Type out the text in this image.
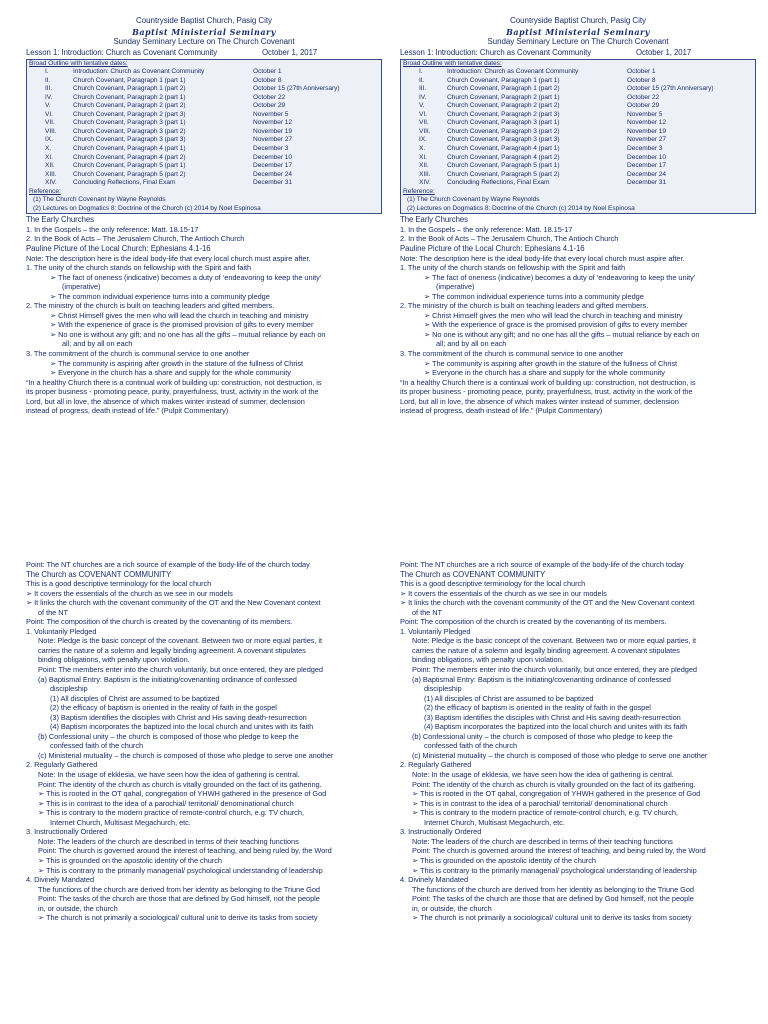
Countryside Baptist Church, Pasig City
Baptist Ministerial Seminary
Sunday Seminary Lecture on The Church Covenant
Lesson 1: Introduction: Church as Covenant Community	October 1, 2017
Broad Outline with tentative dates:
I.	Introduction: Church as Covenant Community	October 1
II.	Church Covenant, Paragraph 1 (part 1)	October 8
III.	Church Covenant, Paragraph 1 (part 2)	October 15 (27th Anniversary)
IV.	Church Covenant, Paragraph 2 (part 1)	October 22
V.	Church Covenant, Paragraph 2 (part 2)	October 29
VI.	Church Covenant, Paragraph 2 (part 3)	November 5
VII.	Church Covenant, Paragraph 3 (part 1)	November 12
VIII.	Church Covenant, Paragraph 3 (part 2)	November 19
IX.	Church Covenant, Paragraph 3 (part 3)	November 27
X.	Church Covenant, Paragraph 4 (part 1)	December 3
XI.	Church Covenant, Paragraph 4 (part 2)	December 10
XII.	Church Covenant, Paragraph 5 (part 1)	December 17
XIII.	Church Covenant, Paragraph 5 (part 2)	December 24
XIV.	Concluding Reflections, Final Exam	December 31
Reference:
(1) The Church Covenant by Wayne Reynolds
(2) Lectures on Dogmatics 8: Doctrine of the Church (c) 2014 by Noel Espinosa
The Early Churches
1. In the Gospels – the only reference: Matt. 18.15-17
2. In the Book of Acts – The Jerusalem Church, The Antioch Church
Pauline Picture of the Local Church: Ephesians 4.1-16
Note: The description here is the ideal body-life that every local church must aspire after.
1. The unity of the church stands on fellowship with the Spirit and faith
➢ The fact of oneness (indicative) becomes a duty of ‘endeavoring to keep the unity’
(imperative)
➢ The common individual experience turns into a community pledge
2. The ministry of the church is built on teaching leaders and gifted members.
➢ Christ Himself gives the men who will lead the church in teaching and ministry
➢ With the experience of grace is the promised provision of gifts to every member
➢ No one is without any gift; and no one has all the gifts – mutual reliance by each on
all; and by all on each
3. The commitment of the church is communal service to one another
➢ The community is aspiring after growth in the stature of the fullness of Christ
➢ Everyone in the church has a share and supply for the whole community
“In a healthy Church there is a continual work of building up: construction, not destruction, is
its proper business - promoting peace, purity, prayerfulness, trust, activity in the work of the
Lord, but all in love, the absence of which makes winter instead of summer, declension
instead of progress, death instead of life.” (Pulpit Commentary)
Countryside Baptist Church, Pasig City
Baptist Ministerial Seminary
Sunday Seminary Lecture on The Church Covenant
Lesson 1: Introduction: Church as Covenant Community	October 1, 2017
Broad Outline with tentative dates:
I.	Introduction: Church as Covenant Community	October 1
II.	Church Covenant, Paragraph 1 (part 1)	October 8
III.	Church Covenant, Paragraph 1 (part 2)	October 15 (27th Anniversary)
IV.	Church Covenant, Paragraph 2 (part 1)	October 22
V.	Church Covenant, Paragraph 2 (part 2)	October 29
VI.	Church Covenant, Paragraph 2 (part 3)	November 5
VII.	Church Covenant, Paragraph 3 (part 1)	November 12
VIII.	Church Covenant, Paragraph 3 (part 2)	November 19
IX.	Church Covenant, Paragraph 3 (part 3)	November 27
X.	Church Covenant, Paragraph 4 (part 1)	December 3
XI.	Church Covenant, Paragraph 4 (part 2)	December 10
XII.	Church Covenant, Paragraph 5 (part 1)	December 17
XIII.	Church Covenant, Paragraph 5 (part 2)	December 24
XIV.	Concluding Reflections, Final Exam	December 31
Reference:
(1) The Church Covenant by Wayne Reynolds
(2) Lectures on Dogmatics 8: Doctrine of the Church (c) 2014 by Noel Espinosa
The Early Churches
1. In the Gospels – the only reference: Matt. 18.15-17
2. In the Book of Acts – The Jerusalem Church, The Antioch Church
Pauline Picture of the Local Church: Ephesians 4.1-16
Note: The description here is the ideal body-life that every local church must aspire after.
1. The unity of the church stands on fellowship with the Spirit and faith
➢ The fact of oneness (indicative) becomes a duty of ‘endeavoring to keep the unity’
(imperative)
➢ The common individual experience turns into a community pledge
2. The ministry of the church is built on teaching leaders and gifted members.
➢ Christ Himself gives the men who will lead the church in teaching and ministry
➢ With the experience of grace is the promised provision of gifts to every member
➢ No one is without any gift; and no one has all the gifts – mutual reliance by each on
all; and by all on each
3. The commitment of the church is communal service to one another
➢ The community is aspiring after growth in the stature of the fullness of Christ
➢ Everyone in the church has a share and supply for the whole community
“In a healthy Church there is a continual work of building up: construction, not destruction, is
its proper business - promoting peace, purity, prayerfulness, trust, activity in the work of the
Lord, but all in love, the absence of which makes winter instead of summer, declension
instead of progress, death instead of life.” (Pulpit Commentary)
Point: The NT churches are a rich source of example of the body-life of the church today
The Church as COVENANT COMMUNITY
This is a good descriptive terminology for the local church
➢ It covers the essentials of the church as we see in our models
➢ It links the church with the covenant community of the OT and the New Covenant context
of the NT
Point: The composition of the church is created by the covenanting of its members.
1. Voluntarily Pledged
Note: Pledge is the basic concept of the covenant. Between two or more equal parties, it
carries the nature of a solemn and legally binding agreement. A covenant stipulates
binding obligations, with penalty upon violation.
Point: The members enter into the church voluntarily, but once entered, they are pledged
(a) Baptismal Entry: Baptism is the initiating/covenanting ordinance of confessed
discipleship
(1) All disciples of Christ are assumed to be baptized
(2) the efficacy of baptism is oriented in the reality of faith in the gospel
(3) Baptism identifies the disciples with Christ and His saving death-resurrection
(4) Baptism incorporates the baptized into the local church and unites with its faith
(b) Confessional unity – the church is composed of those who pledge to keep the
confessed faith of the church
(c) Ministerial mutuality – the church is composed of those who pledge to serve one another
2. Regularly Gathered
Note: In the usage of ekklesia, we have seen how the idea of gathering is central.
Point: The identity of the church as church is vitally grounded on the fact of its gathering.
➢ This is rooted in the OT qahal, congregation of YHWH gathered in the presence of God
➢ This is in contrast to the idea of a parochial/ territorial/ denominational church
➢ This is contrary to the modern practice of remote-control church, e.g. TV church,
Internet Church, Multisast Megachurch, etc.
3. Instructionally Ordered
Note: The leaders of the church are described in terms of their teaching functions
Point: The church is governed around the interest of teaching, and being ruled by, the Word
➢ This is grounded on the apostolic identity of the church
➢ This is contrary to the primarily managerial/ psychological understanding of leadership
4. Divinely Mandated
The functions of the church are derived from her identity as belonging to the Triune God
Point: The tasks of the church are those that are defined by God himself, not the people
in, or outside, the church
➢ The church is not primarily a sociological/ cultural unit to derive its tasks from society
Point: The NT churches are a rich source of example of the body-life of the church today
The Church as COVENANT COMMUNITY
This is a good descriptive terminology for the local church
➢ It covers the essentials of the church as we see in our models
➢ It links the church with the covenant community of the OT and the New Covenant context
of the NT
Point: The composition of the church is created by the covenanting of its members.
1. Voluntarily Pledged
Note: Pledge is the basic concept of the covenant. Between two or more equal parties, it
carries the nature of a solemn and legally binding agreement. A covenant stipulates
binding obligations, with penalty upon violation.
Point: The members enter into the church voluntarily, but once entered, they are pledged
(a) Baptismal Entry: Baptism is the initiating/covenanting ordinance of confessed
discipleship
(1) All disciples of Christ are assumed to be baptized
(2) the efficacy of baptism is oriented in the reality of faith in the gospel
(3) Baptism identifies the disciples with Christ and His saving death-resurrection
(4) Baptism incorporates the baptized into the local church and unites with its faith
(b) Confessional unity – the church is composed of those who pledge to keep the
confessed faith of the church
(c) Ministerial mutuality – the church is composed of those who pledge to serve one another
2. Regularly Gathered
Note: In the usage of ekklesia, we have seen how the idea of gathering is central.
Point: The identity of the church as church is vitally grounded on the fact of its gathering.
➢ This is rooted in the OT qahal, congregation of YHWH gathered in the presence of God
➢ This is in contrast to the idea of a parochial/ territorial/ denominational church
➢ This is contrary to the modern practice of remote-control church, e.g. TV church,
Internet Church, Multisast Megachurch, etc.
3. Instructionally Ordered
Note: The leaders of the church are described in terms of their teaching functions
Point: The church is governed around the interest of teaching, and being ruled by, the Word
➢ This is grounded on the apostolic identity of the church
➢ This is contrary to the primarily managerial/ psychological understanding of leadership
4. Divinely Mandated
The functions of the church are derived from her identity as belonging to the Triune God
Point: The tasks of the church are those that are defined by God himself, not the people
in, or outside, the church
➢ The church is not primarily a sociological/ cultural unit to derive its tasks from society
